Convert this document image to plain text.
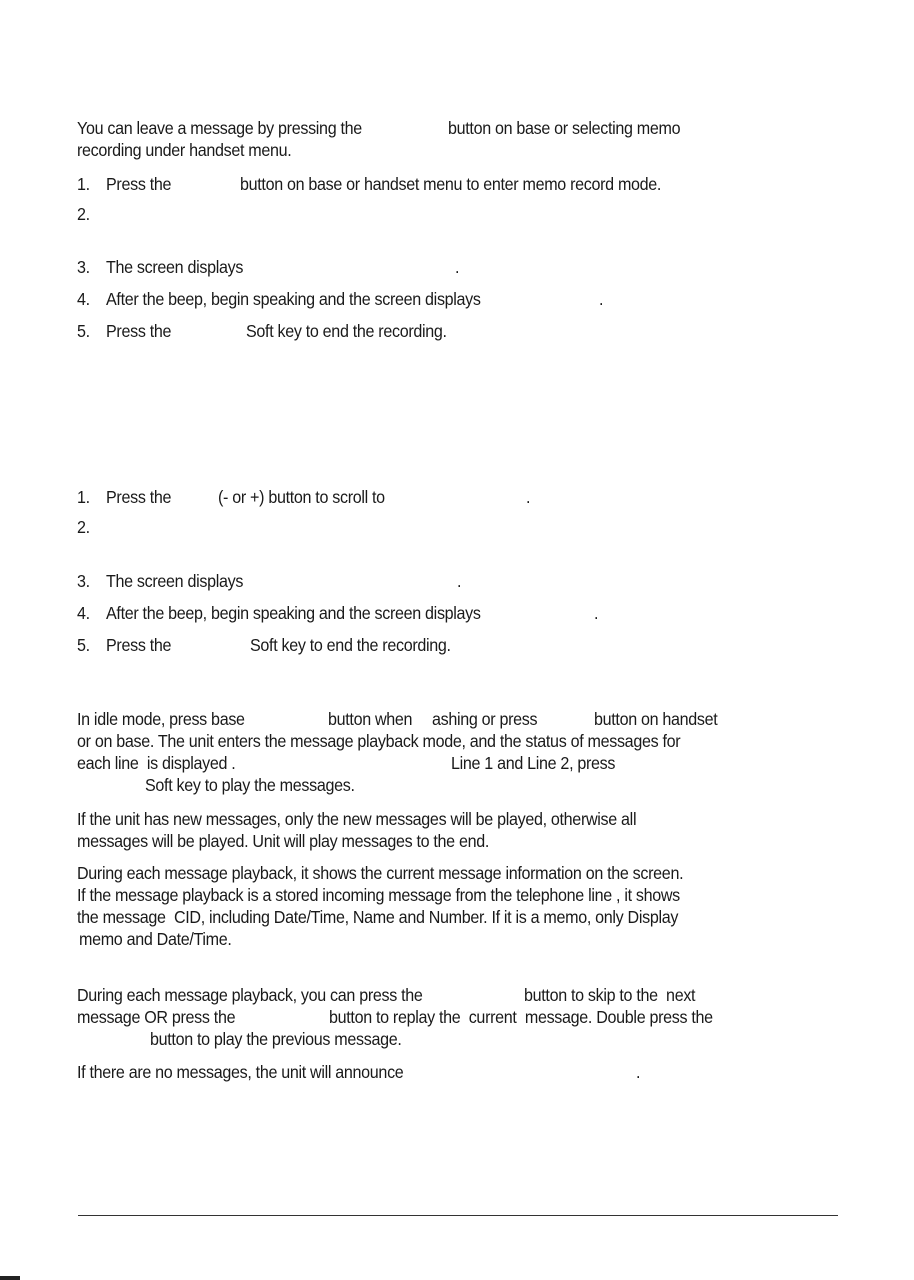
You can leave a message by pressing the	button on base or selecting memo
recording under handset menu.
1. Press the	button on base or handset menu to enter memo record mode.
2.
3. The screen displays	.
4. After the beep, begin speaking and the screen displays	.
5. Press the	Soft key to end the recording.
1. Press the	(- or +) button to scroll to	.
2.
3. The screen displays	.
4. After the beep, begin speaking and the screen displays	.
5. Press the	Soft key to end the recording.
In idle mode, press base	button when ashing or press	button on handset
or on base. The unit enters the message playback mode, and the status of messages for
each line  is displayed .	Line 1 and Line 2, press
Soft key to play the messages.
If the unit has new messages, only the new messages will be played, otherwise all
messages will be played. Unit will play messages to the end.
During each message playback, it shows the current message information on the screen.
If the message playback is a stored incoming message from the telephone line , it shows
the message  CID, including Date/Time, Name and Number. If it is a memo, only Display
memo and Date/Time.
During each message playback, you can press the	button to skip to the  next
message OR press the	button to replay the  current  message. Double press the
button to play the previous message.
If there are no messages, the unit will announce	.
